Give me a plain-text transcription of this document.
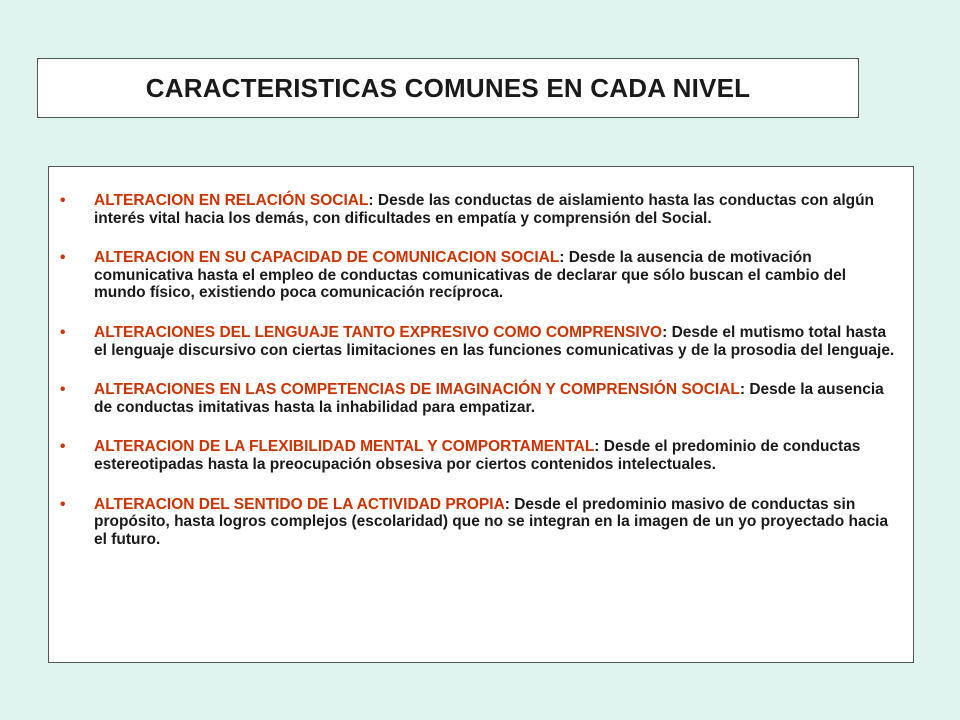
CARACTERISTICAS COMUNES EN CADA NIVEL
• ALTERACION EN RELACIÓN SOCIAL: Desde las conductas de aislamiento hasta las conductas con algún interés vital hacia los demás, con dificultades en empatía y comprensión del Social.
• ALTERACION EN SU CAPACIDAD DE COMUNICACION SOCIAL: Desde la ausencia de motivación comunicativa hasta el empleo de conductas comunicativas de declarar que sólo buscan el cambio del mundo físico, existiendo poca comunicación recíproca.
• ALTERACIONES DEL LENGUAJE TANTO EXPRESIVO COMO COMPRENSIVO: Desde el mutismo total hasta el lenguaje discursivo con ciertas limitaciones en las funciones comunicativas y de la prosodia del lenguaje.
• ALTERACIONES EN LAS COMPETENCIAS DE IMAGINACIÓN Y COMPRENSIÓN SOCIAL: Desde la ausencia de conductas imitativas hasta la inhabilidad para empatizar.
• ALTERACION DE LA FLEXIBILIDAD MENTAL Y COMPORTAMENTAL: Desde el predominio de conductas estereotipadas hasta la preocupación obsesiva por ciertos contenidos intelectuales.
• ALTERACION DEL SENTIDO DE LA ACTIVIDAD PROPIA: Desde el predominio masivo de conductas sin propósito, hasta logros complejos (escolaridad) que no se integran en la imagen de un yo proyectado hacia el futuro.
